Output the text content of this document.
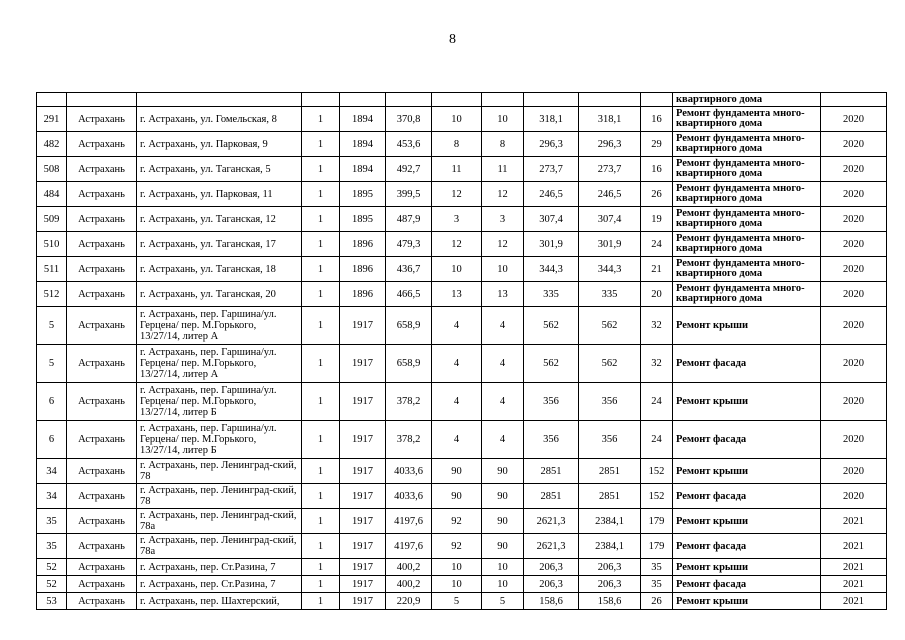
8
											квартирного дома	
291	Астрахань	г. Астрахань, ул. Гомельская, 8	1	1894	370,8	10	10	318,1	318,1	16	Ремонт фундамента много-квартирного дома	2020
482	Астрахань	г. Астрахань, ул. Парковая, 9	1	1894	453,6	8	8	296,3	296,3	29	Ремонт фундамента много-квартирного дома	2020
508	Астрахань	г. Астрахань, ул. Таганская, 5	1	1894	492,7	11	11	273,7	273,7	16	Ремонт фундамента много-квартирного дома	2020
484	Астрахань	г. Астрахань, ул. Парковая, 11	1	1895	399,5	12	12	246,5	246,5	26	Ремонт фундамента много-квартирного дома	2020
509	Астрахань	г. Астрахань, ул. Таганская, 12	1	1895	487,9	3	3	307,4	307,4	19	Ремонт фундамента много-квартирного дома	2020
510	Астрахань	г. Астрахань, ул. Таганская, 17	1	1896	479,3	12	12	301,9	301,9	24	Ремонт фундамента много-квартирного дома	2020
511	Астрахань	г. Астрахань, ул. Таганская, 18	1	1896	436,7	10	10	344,3	344,3	21	Ремонт фундамента много-квартирного дома	2020
512	Астрахань	г. Астрахань, ул. Таганская, 20	1	1896	466,5	13	13	335	335	20	Ремонт фундамента много-квартирного дома	2020
5	Астрахань	г. Астрахань, пер. Гаршина/ул. Герцена/ пер. М.Горького, 13/27/14, литер А	1	1917	658,9	4	4	562	562	32	Ремонт крыши	2020
5	Астрахань	г. Астрахань, пер. Гаршина/ул. Герцена/ пер. М.Горького, 13/27/14, литер А	1	1917	658,9	4	4	562	562	32	Ремонт фасада	2020
6	Астрахань	г. Астрахань, пер. Гаршина/ул. Герцена/ пер. М.Горького, 13/27/14, литер Б	1	1917	378,2	4	4	356	356	24	Ремонт крыши	2020
6	Астрахань	г. Астрахань, пер. Гаршина/ул. Герцена/ пер. М.Горького, 13/27/14, литер Б	1	1917	378,2	4	4	356	356	24	Ремонт фасада	2020
34	Астрахань	г. Астрахань, пер. Ленинград-ский, 78	1	1917	4033,6	90	90	2851	2851	152	Ремонт крыши	2020
34	Астрахань	г. Астрахань, пер. Ленинград-ский, 78	1	1917	4033,6	90	90	2851	2851	152	Ремонт фасада	2020
35	Астрахань	г. Астрахань, пер. Ленинград-ский, 78а	1	1917	4197,6	92	90	2621,3	2384,1	179	Ремонт крыши	2021
35	Астрахань	г. Астрахань, пер. Ленинград-ский, 78а	1	1917	4197,6	92	90	2621,3	2384,1	179	Ремонт фасада	2021
52	Астрахань	г. Астрахань, пер. Ст.Разина, 7	1	1917	400,2	10	10	206,3	206,3	35	Ремонт крыши	2021
52	Астрахань	г. Астрахань, пер. Ст.Разина, 7	1	1917	400,2	10	10	206,3	206,3	35	Ремонт фасада	2021
53	Астрахань	г. Астрахань, пер. Шахтерский,	1	1917	220,9	5	5	158,6	158,6	26	Ремонт крыши	2021
